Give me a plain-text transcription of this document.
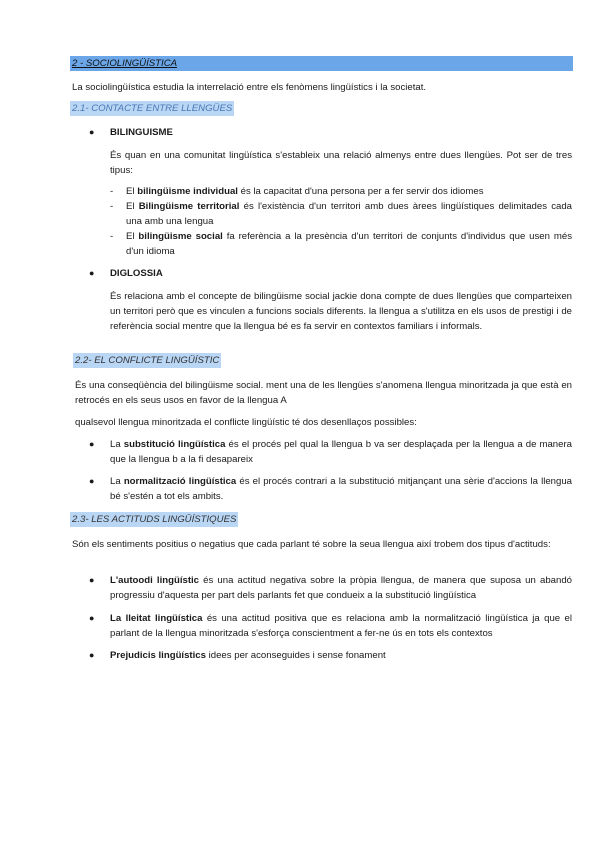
2 - SOCIOLINGÜÍSTICA
La sociolingüística estudia la interrelació entre els fenòmens lingüístics i la societat.
2.1- CONTACTE ENTRE LLENGÜES
● BILINGUISME
És quan en una comunitat lingüística s'estableix una relació almenys entre dues llengües. Pot ser de tres tipus:
- El bilingüisme individual és la capacitat d'una persona per a fer servir dos idiomes
- El Bilingüisme territorial és l'existència d'un territori amb dues àrees lingüístiques delimitades cada una amb una lengua
- El bilingüisme social fa referència a la presència d'un territori de conjunts d'individus que usen més d'un idioma
● DIGLOSSIA
És relaciona amb el concepte de bilingüisme social jackie dona compte de dues llengües que comparteixen un territori però que es vinculen a funcions socials diferents. la llengua a s'utilitza en els usos de prestigi i de referència social mentre que la llengua bé es fa servir en contextos familiars i informals.
2.2- EL CONFLICTE LINGÜÍSTIC
És una conseqüència del bilingüisme social. ment una de les llengües s'anomena llengua minoritzada ja que està en retrocés en els seus usos en favor de la llengua A
qualsevol llengua minoritzada el conflicte lingüístic té dos desenllaços possibles:
● La substitució lingüística és el procés pel qual la llengua b va ser desplaçada per la llengua a de manera que la llengua b a la fi desapareix
● La normalització lingüística és el procés contrari a la substitució mitjançant una sèrie d'accions la llengua bé s'estén a tot els ambits.
2.3- LES ACTITUDS LINGÜÍSTIQUES
Són els sentiments positius o negatius que cada parlant té sobre la seua llengua així trobem dos tipus d'actituds:
● L'autoodi lingüístic és una actitud negativa sobre la pròpia llengua, de manera que suposa un abandó progressiu d'aquesta per part dels parlants fet que condueix a la substitució lingüística
● La lleitat lingüística és una actitud positiva que es relaciona amb la normalització lingüística ja que el parlant de la llengua minoritzada s'esforça conscientment a fer-ne ús en tots els contextos
● Prejudicis lingüístics idees per aconseguides i sense fonament
